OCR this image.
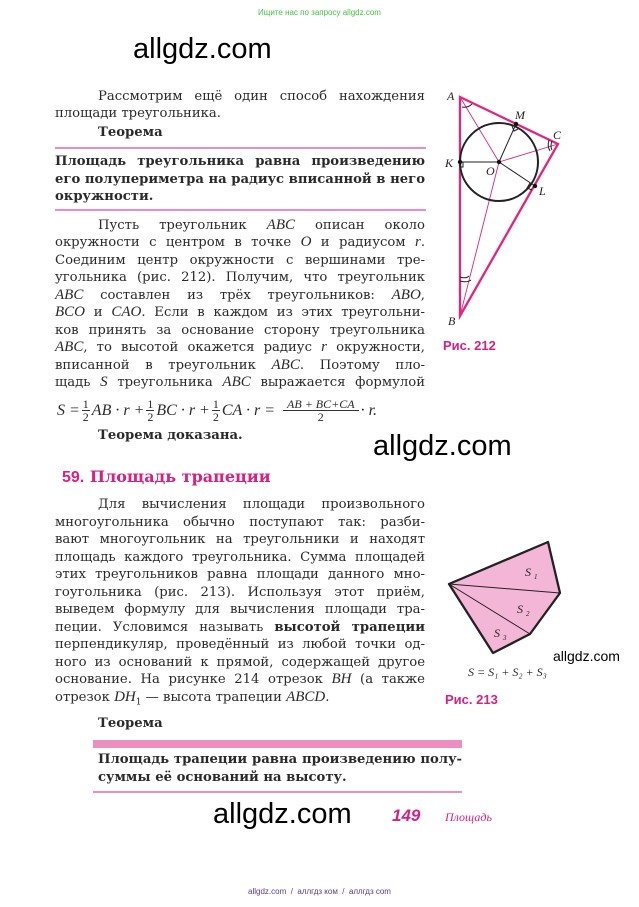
Ищите нас по запросу allgdz.com
allgdz.com
allgdz.com
allgdz.com
allgdz.com
Рассмотрим ещё один способ нахождения
площади треугольника.
Теорема
Площадь треугольника равна произведению
его полупериметра на радиус вписанной в него
окружности.
Пусть треугольник ABC описан около
окружности с центром в точке O и радиусом r.
Соединим центр окружности с вершинами тре-
угольника (рис. 212). Получим, что треугольник
ABC составлен из трёх треугольников: ABO,
BCO и CAO. Если в каждом из этих треугольни-
ков принять за основание сторону треугольника
ABC, то высотой окажется радиус r окружности,
вписанной в треугольник ABC. Поэтому пло-
щадь S треугольника ABC выражается формулой
$S = \frac{1}{2}$ AB · $r + \frac{1}{2}$ BC · $r + \frac{1}{2}$ CA · $r = \frac{AB + BC+CA}{2} \cdot r$.
Теорема доказана.
59. Площадь трапеции
Для вычисления площади произвольного
многоугольника обычно поступают так: разби-
вают многоугольник на треугольники и находят
площадь каждого треугольника. Сумма площадей
этих треугольников равна площади данного мно-
гоугольника (рис. 213). Используя этот приём,
выведем формулу для вычисления площади тра-
пеции. Условимся называть высотой трапеции
перпендикуляр, проведённый из любой точки од-
ного из оснований к прямой, содержащей другое
основание. На рисунке 214 отрезок BH (а также
отрезок $DH_1$ — высота трапеции ABCD.
Теорема
Площадь трапеции равна произведению полу-
суммы её оснований на высоту.
A
M
C
K
O
L
B
S 1
S 2
S 3
Рис. 212
S = S₁ + S₂ + S₃
Рис. 213
149 Площадь
allgdz.com  /  аллгдз ком  /  аллгдз com
